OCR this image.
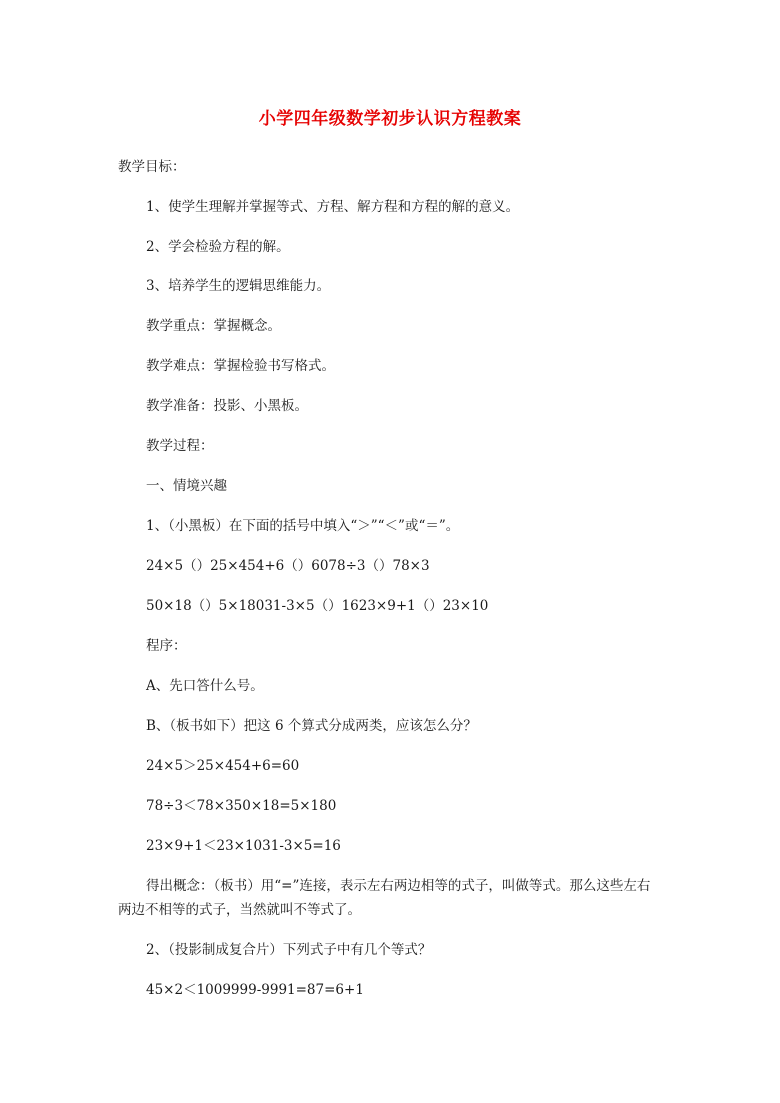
小学四年级数学初步认识方程教案

教学目标：

1、使学生理解并掌握等式、方程、解方程和方程的解的意义。

2、学会检验方程的解。

3、培养学生的逻辑思维能力。

教学重点：掌握概念。

教学难点：掌握检验书写格式。

教学准备：投影、小黑板。

教学过程：

一、情境兴趣

1、（小黑板）在下面的括号中填入“＞”“＜”或“＝”。

24×5（）25×454+6（）6078÷3（）78×3

50×18（）5×18031-3×5（）1623×9+1（）23×10

程序：

A、先口答什么号。

B、（板书如下）把这 6 个算式分成两类，应该怎么分？

24×5＞25×454+6=60

78÷3＜78×350×18=5×180

23×9+1＜23×1031-3×5=16

得出概念：（板书）用“=”连接，表示左右两边相等的式子，叫做等式。那么这些左右两边不相等的式子，当然就叫不等式了。

2、（投影制成复合片）下列式子中有几个等式？

45×2＜1009999-9991=87=6+1
